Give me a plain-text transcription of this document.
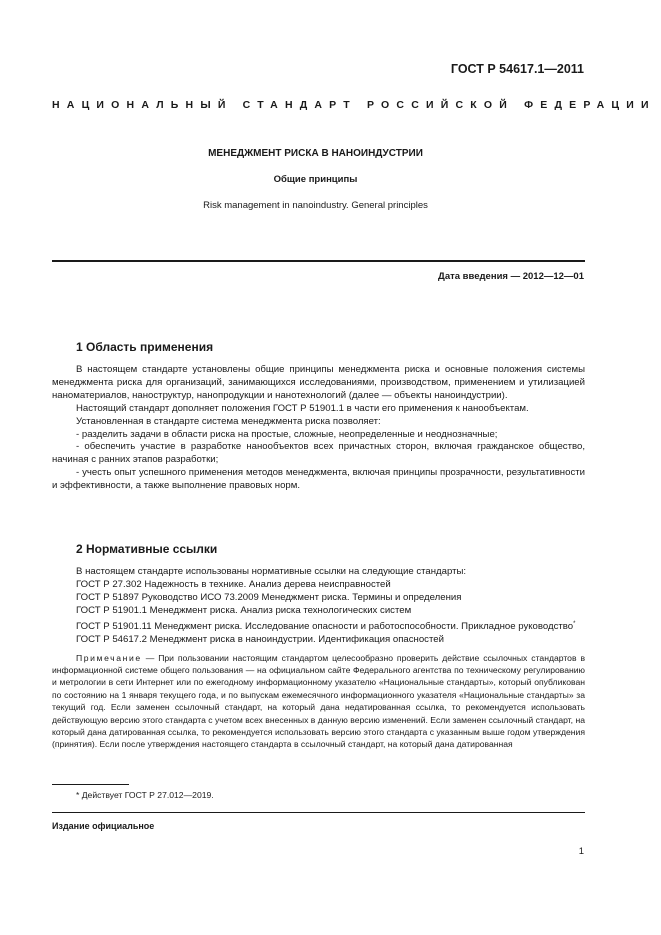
ГОСТ Р 54617.1—2011
НАЦИОНАЛЬНЫЙ СТАНДАРТ РОССИЙСКОЙ ФЕДЕРАЦИИ
МЕНЕДЖМЕНТ РИСКА В НАНОИНДУСТРИИ
Общие принципы
Risk management in nanoindustry. General principles
Дата введения — 2012—12—01
1 Область применения

В настоящем стандарте установлены общие принципы менеджмента риска и основные положения системы менеджмента риска для организаций, занимающихся исследованиями, производством, применением и утилизацией наноматериалов, наноструктур, нанопродукции и нанотехнологий (далее — объекты наноиндустрии).

Настоящий стандарт дополняет положения ГОСТ Р 51901.1 в части его применения к нанообъектам.

Установленная в стандарте система менеджмента риска позволяет:

- разделить задачи в области риска на простые, сложные, неопределенные и неоднозначные;

- обеспечить участие в разработке нанообъектов всех причастных сторон, включая гражданское общество, начиная с ранних этапов разработки;

- учесть опыт успешного применения методов менеджмента, включая принципы прозрачности, результативности и эффективности, а также выполнение правовых норм.

2 Нормативные ссылки

В настоящем стандарте использованы нормативные ссылки на следующие стандарты:

ГОСТ Р 27.302 Надежность в технике. Анализ дерева неисправностей

ГОСТ Р 51897 Руководство ИСО 73.2009 Менеджмент риска. Термины и определения

ГОСТ Р 51901.1 Менеджмент риска. Анализ риска технологических систем

ГОСТ Р 51901.11 Менеджмент риска. Исследование опасности и работоспособности. Прикладное руководство*

ГОСТ Р 54617.2 Менеджмент риска в наноиндустрии. Идентификация опасностей

Примечание — При пользовании настоящим стандартом целесообразно проверить действие ссылочных стандартов в информационной системе общего пользования — на официальном сайте Федерального агентства по техническому регулированию и метрологии в сети Интернет или по ежегодному информационному указателю «Национальные стандарты», который опубликован по состоянию на 1 января текущего года, и по выпускам ежемесячного информационного указателя «Национальные стандарты» за текущий год. Если заменен ссылочный стандарт, на который дана недатированная ссылка, то рекомендуется использовать действующую версию этого стандарта с учетом всех внесенных в данную версию изменений. Если заменен ссылочный стандарт, на который дана датированная ссылка, то рекомендуется использовать версию этого стандарта с указанным выше годом утверждения (принятия). Если после утверждения настоящего стандарта в ссылочный стандарт, на который дана датированная

* Действует ГОСТ Р 27.012—2019.
Издание официальное
1
